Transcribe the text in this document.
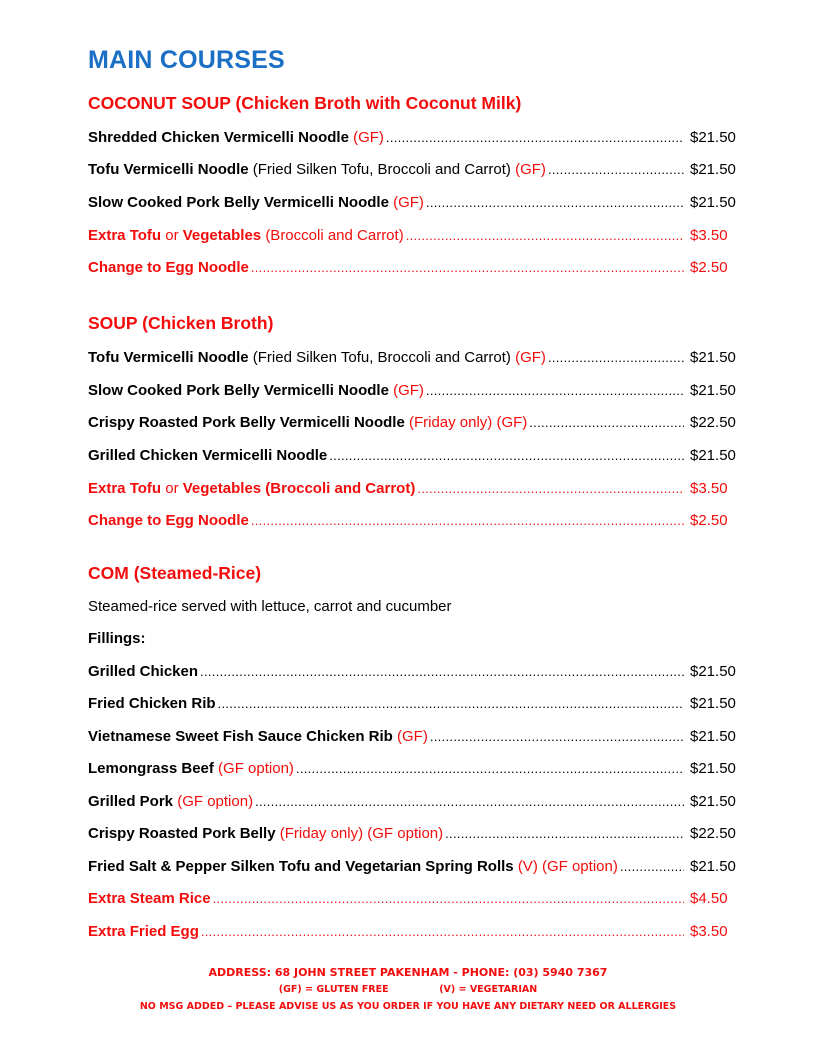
MAIN COURSES
COCONUT SOUP (Chicken Broth with Coconut Milk)
Shredded Chicken Vermicelli Noodle (GF) .....	$21.50
Tofu Vermicelli Noodle (Fried Silken Tofu, Broccoli and Carrot) (GF) .....	$21.50
Slow Cooked Pork Belly Vermicelli Noodle (GF) .....	$21.50
Extra Tofu or Vegetables (Broccoli and Carrot) .....	$3.50
Change to Egg Noodle .....	$2.50
SOUP (Chicken Broth)
Tofu Vermicelli Noodle (Fried Silken Tofu, Broccoli and Carrot) (GF) .....	$21.50
Slow Cooked Pork Belly Vermicelli Noodle (GF) .....	$21.50
Crispy Roasted Pork Belly Vermicelli Noodle (Friday only) (GF) .....	$22.50
Grilled Chicken Vermicelli Noodle .....	$21.50
Extra Tofu or Vegetables (Broccoli and Carrot) .....	$3.50
Change to Egg Noodle .....	$2.50
COM (Steamed-Rice)
Steamed-rice served with lettuce, carrot and cucumber
Fillings:
Grilled Chicken .....	$21.50
Fried Chicken Rib .....	$21.50
Vietnamese Sweet Fish Sauce Chicken Rib (GF) .....	$21.50
Lemongrass Beef (GF option) .....	$21.50
Grilled Pork (GF option) .....	$21.50
Crispy Roasted Pork Belly (Friday only) (GF option) .....	$22.50
Fried Salt & Pepper Silken Tofu and Vegetarian Spring Rolls (V) (GF option) .....	$21.50
Extra Steam Rice .....	$4.50
Extra Fried Egg .....	$3.50
ADDRESS: 68 JOHN STREET PAKENHAM - PHONE: (03) 5940 7367
(GF) = GLUTEN FREE	(V) = VEGETARIAN
NO MSG ADDED – PLEASE ADVISE US AS YOU ORDER IF YOU HAVE ANY DIETARY NEED OR ALLERGIES
